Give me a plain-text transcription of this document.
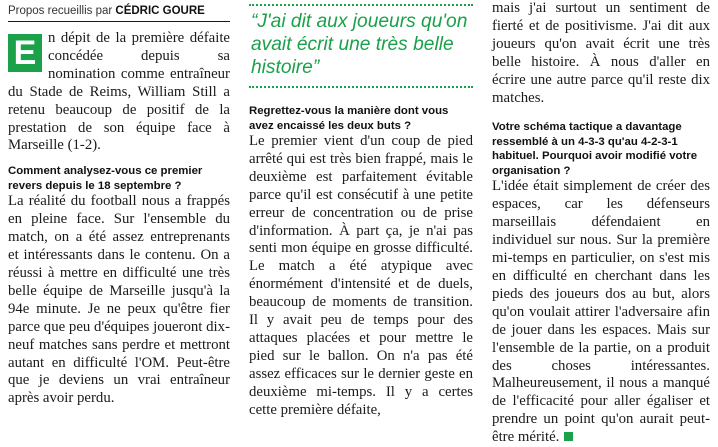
Propos recueillis par CÉDRIC GOURE

E n dépit de la première défaite concédée depuis sa nomination comme entraîneur du Stade de Reims, William Still a retenu beaucoup de positif de la prestation de son équipe face à Marseille (1-2).

Comment analysez-vous ce premier revers depuis le 18 septembre ?

La réalité du football nous a frappés en pleine face. Sur l'ensemble du match, on a été assez entreprenants et intéressants dans le contenu. On a réussi à mettre en difficulté une très belle équipe de Marseille jusqu'à la 94e minute. Je ne peux qu'être fier parce que peu d'équipes joueront dix-neuf matches sans perdre et mettront autant en difficulté l'OM. Peut-être que je deviens un vrai entraîneur après avoir perdu.

“J'ai dit aux joueurs qu'on avait écrit une très belle histoire”

Regrettez-vous la manière dont vous avez encaissé les deux buts ?

Le premier vient d'un coup de pied arrêté qui est très bien frappé, mais le deuxième est parfaitement évitable parce qu'il est consécutif à une petite erreur de concentration ou de prise d'information. À part ça, je n'ai pas senti mon équipe en grosse difficulté. Le match a été atypique avec énormément d'intensité et de duels, beaucoup de moments de transition. Il y avait peu de temps pour des attaques placées et pour mettre le pied sur le ballon. On n'a pas été assez efficaces sur le dernier geste en deuxième mi-temps. Il y a certes cette première défaite,

mais j'ai surtout un sentiment de fierté et de positivisme. J'ai dit aux joueurs qu'on avait écrit une très belle histoire. À nous d'aller en écrire une autre parce qu'il reste dix matches.

Votre schéma tactique a davantage ressemblé à un 4-3-3 qu'au 4-2-3-1 habituel. Pourquoi avoir modifié votre organisation ?

L'idée était simplement de créer des espaces, car les défenseurs marseillais défendaient en individuel sur nous. Sur la première mi-temps en particulier, on s'est mis en difficulté en cherchant dans les pieds des joueurs dos au but, alors qu'on voulait attirer l'adversaire afin de jouer dans les espaces. Mais sur l'ensemble de la partie, on a produit des choses intéressantes. Malheureusement, il nous a manqué de l'efficacité pour aller égaliser et prendre un point qu'on aurait peut-être mérité.
